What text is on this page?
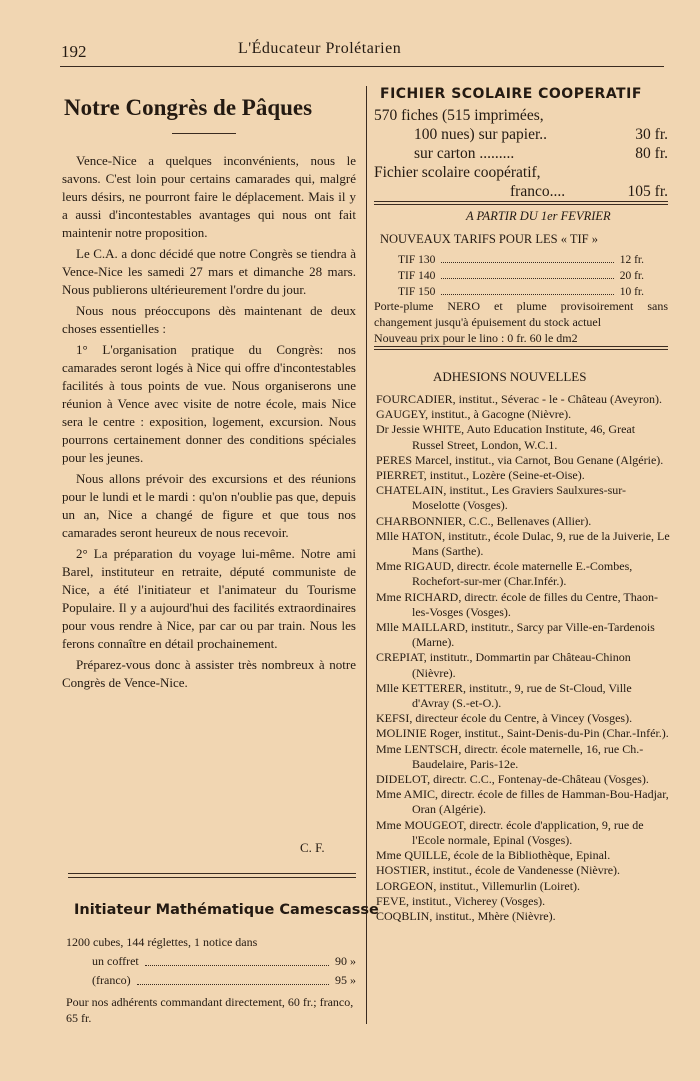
192	L'Éducateur Prolétarien
Notre Congrès de Pâques

Vence-Nice a quelques inconvénients, nous le savons. C'est loin pour certains camarades qui, malgré leurs désirs, ne pourront faire le déplacement. Mais il y a aussi d'incontestables avantages qui nous ont fait maintenir notre proposition.

Le C.A. a donc décidé que notre Congrès se tiendra à Vence-Nice les samedi 27 mars et dimanche 28 mars. Nous publierons ultérieurement l'ordre du jour.

Nous nous préoccupons dès maintenant de deux choses essentielles :

1° L'organisation pratique du Congrès: nos camarades seront logés à Nice qui offre d'incontestables facilités à tous points de vue. Nous organiserons une réunion à Vence avec visite de notre école, mais Nice sera le centre : exposition, logement, excursion. Nous pourrons certainement donner des conditions spéciales pour les jeunes.

Nous allons prévoir des excursions et des réunions pour le lundi et le mardi : qu'on n'oublie pas que, depuis un an, Nice a changé de figure et que tous nos camarades seront heureux de nous recevoir.

2° La préparation du voyage lui-même. Notre ami Barel, instituteur en retraite, député communiste de Nice, a été l'initiateur et l'animateur du Tourisme Populaire. Il y a aujourd'hui des facilités extraordinaires pour vous rendre à Nice, par car ou par train. Nous les ferons connaître en détail prochainement.

Préparez-vous donc à assister très nombreux à notre Congrès de Vence-Nice.

C. F.
Initiateur Mathématique Camescasse
1200 cubes, 144 réglettes, 1 notice dans
un coffret	90 »
(franco)	95 »
Pour nos adhérents commandant directement, 60 fr.; franco, 65 fr.
FICHIER SCOLAIRE COOPERATIF
570 fiches (515 imprimées,
100 nues) sur papier..	30 fr.
sur carton .........	80 fr.
Fichier scolaire coopératif,
franco....	105 fr.
A PARTIR DU 1er FEVRIER
NOUVEAUX TARIFS POUR LES « TIF »
TIF 130	12 fr.
TIF 140	20 fr.
TIF 150	10 fr.
Porte-plume NERO et plume provisoirement sans changement jusqu'à épuisement du stock actuel
Nouveau prix pour le lino : 0 fr. 60 le dm2
ADHESIONS NOUVELLES
FOURCADIER, institut., Séverac - le - Château (Aveyron).
GAUGEY, institut., à Gacogne (Nièvre).
Dr Jessie WHITE, Auto Education Institute, 46, Great Russel Street, London, W.C.1.
PERES Marcel, institut., via Carnot, Bou Genane (Algérie).
PIERRET, institut., Lozère (Seine-et-Oise).
CHATELAIN, institut., Les Graviers Saulxures-sur-Moselotte (Vosges).
CHARBONNIER, C.C., Bellenaves (Allier).
Mlle HATON, institutr., école Dulac, 9, rue de la Juiverie, Le Mans (Sarthe).
Mme RIGAUD, directr. école maternelle E.-Combes, Rochefort-sur-mer (Char.Infér.).
Mme RICHARD, directr. école de filles du Centre, Thaon-les-Vosges (Vosges).
Mlle MAILLARD, institutr., Sarcy par Ville-en-Tardenois (Marne).
CREPIAT, institutr., Dommartin par Château-Chinon (Nièvre).
Mlle KETTERER, institutr., 9, rue de St-Cloud, Ville d'Avray (S.-et-O.).
KEFSI, directeur école du Centre, à Vincey (Vosges).
MOLINIE Roger, institut., Saint-Denis-du-Pin (Char.-Infér.).
Mme LENTSCH, directr. école maternelle, 16, rue Ch.-Baudelaire, Paris-12e.
DIDELOT, directr. C.C., Fontenay-de-Château (Vosges).
Mme AMIC, directr. école de filles de Hamman-Bou-Hadjar, Oran (Algérie).
Mme MOUGEOT, directr. école d'application, 9, rue de l'Ecole normale, Epinal (Vosges).
Mme QUILLE, école de la Bibliothèque, Epinal.
HOSTIER, institut., école de Vandenesse (Nièvre).
LORGEON, institut., Villemurlin (Loiret).
FEVE, institut., Vicherey (Vosges).
COQBLIN, institut., Mhère (Nièvre).
